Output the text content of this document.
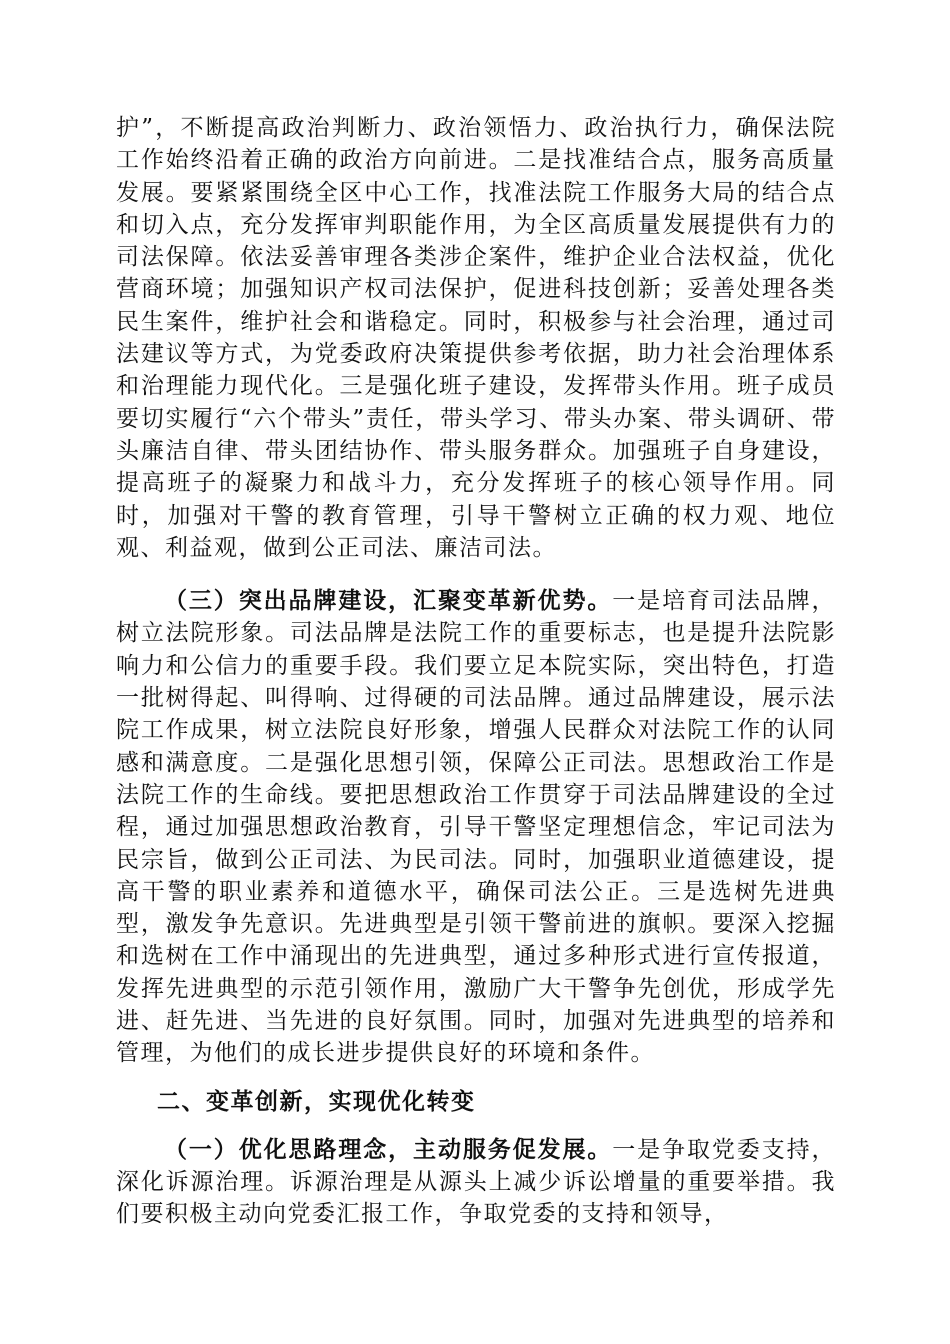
护”，不断提高政治判断力、政治领悟力、政治执行力，确保法院工作始终沿着正确的政治方向前进。二是找准结合点，服务高质量发展。要紧紧围绕全区中心工作，找准法院工作服务大局的结合点和切入点，充分发挥审判职能作用，为全区高质量发展提供有力的司法保障。依法妥善审理各类涉企案件，维护企业合法权益，优化营商环境；加强知识产权司法保护，促进科技创新；妥善处理各类民生案件，维护社会和谐稳定。同时，积极参与社会治理，通过司法建议等方式，为党委政府决策提供参考依据，助力社会治理体系和治理能力现代化。三是强化班子建设，发挥带头作用。班子成员要切实履行“六个带头”责任，带头学习、带头办案、带头调研、带头廉洁自律、带头团结协作、带头服务群众。加强班子自身建设，提高班子的凝聚力和战斗力，充分发挥班子的核心领导作用。同时，加强对干警的教育管理，引导干警树立正确的权力观、地位观、利益观，做到公正司法、廉洁司法。

（三）突出品牌建设，汇聚变革新优势。一是培育司法品牌，树立法院形象。司法品牌是法院工作的重要标志，也是提升法院影响力和公信力的重要手段。我们要立足本院实际，突出特色，打造一批树得起、叫得响、过得硬的司法品牌。通过品牌建设，展示法院工作成果，树立法院良好形象，增强人民群众对法院工作的认同感和满意度。二是强化思想引领，保障公正司法。思想政治工作是法院工作的生命线。要把思想政治工作贯穿于司法品牌建设的全过程，通过加强思想政治教育，引导干警坚定理想信念，牢记司法为民宗旨，做到公正司法、为民司法。同时，加强职业道德建设，提高干警的职业素养和道德水平，确保司法公正。三是选树先进典型，激发争先意识。先进典型是引领干警前进的旗帜。要深入挖掘和选树在工作中涌现出的先进典型，通过多种形式进行宣传报道，发挥先进典型的示范引领作用，激励广大干警争先创优，形成学先进、赶先进、当先进的良好氛围。同时，加强对先进典型的培养和管理，为他们的成长进步提供良好的环境和条件。

二、变革创新，实现优化转变

（一）优化思路理念，主动服务促发展。一是争取党委支持，深化诉源治理。诉源治理是从源头上减少诉讼增量的重要举措。我们要积极主动向党委汇报工作，争取党委的支持和领导，
